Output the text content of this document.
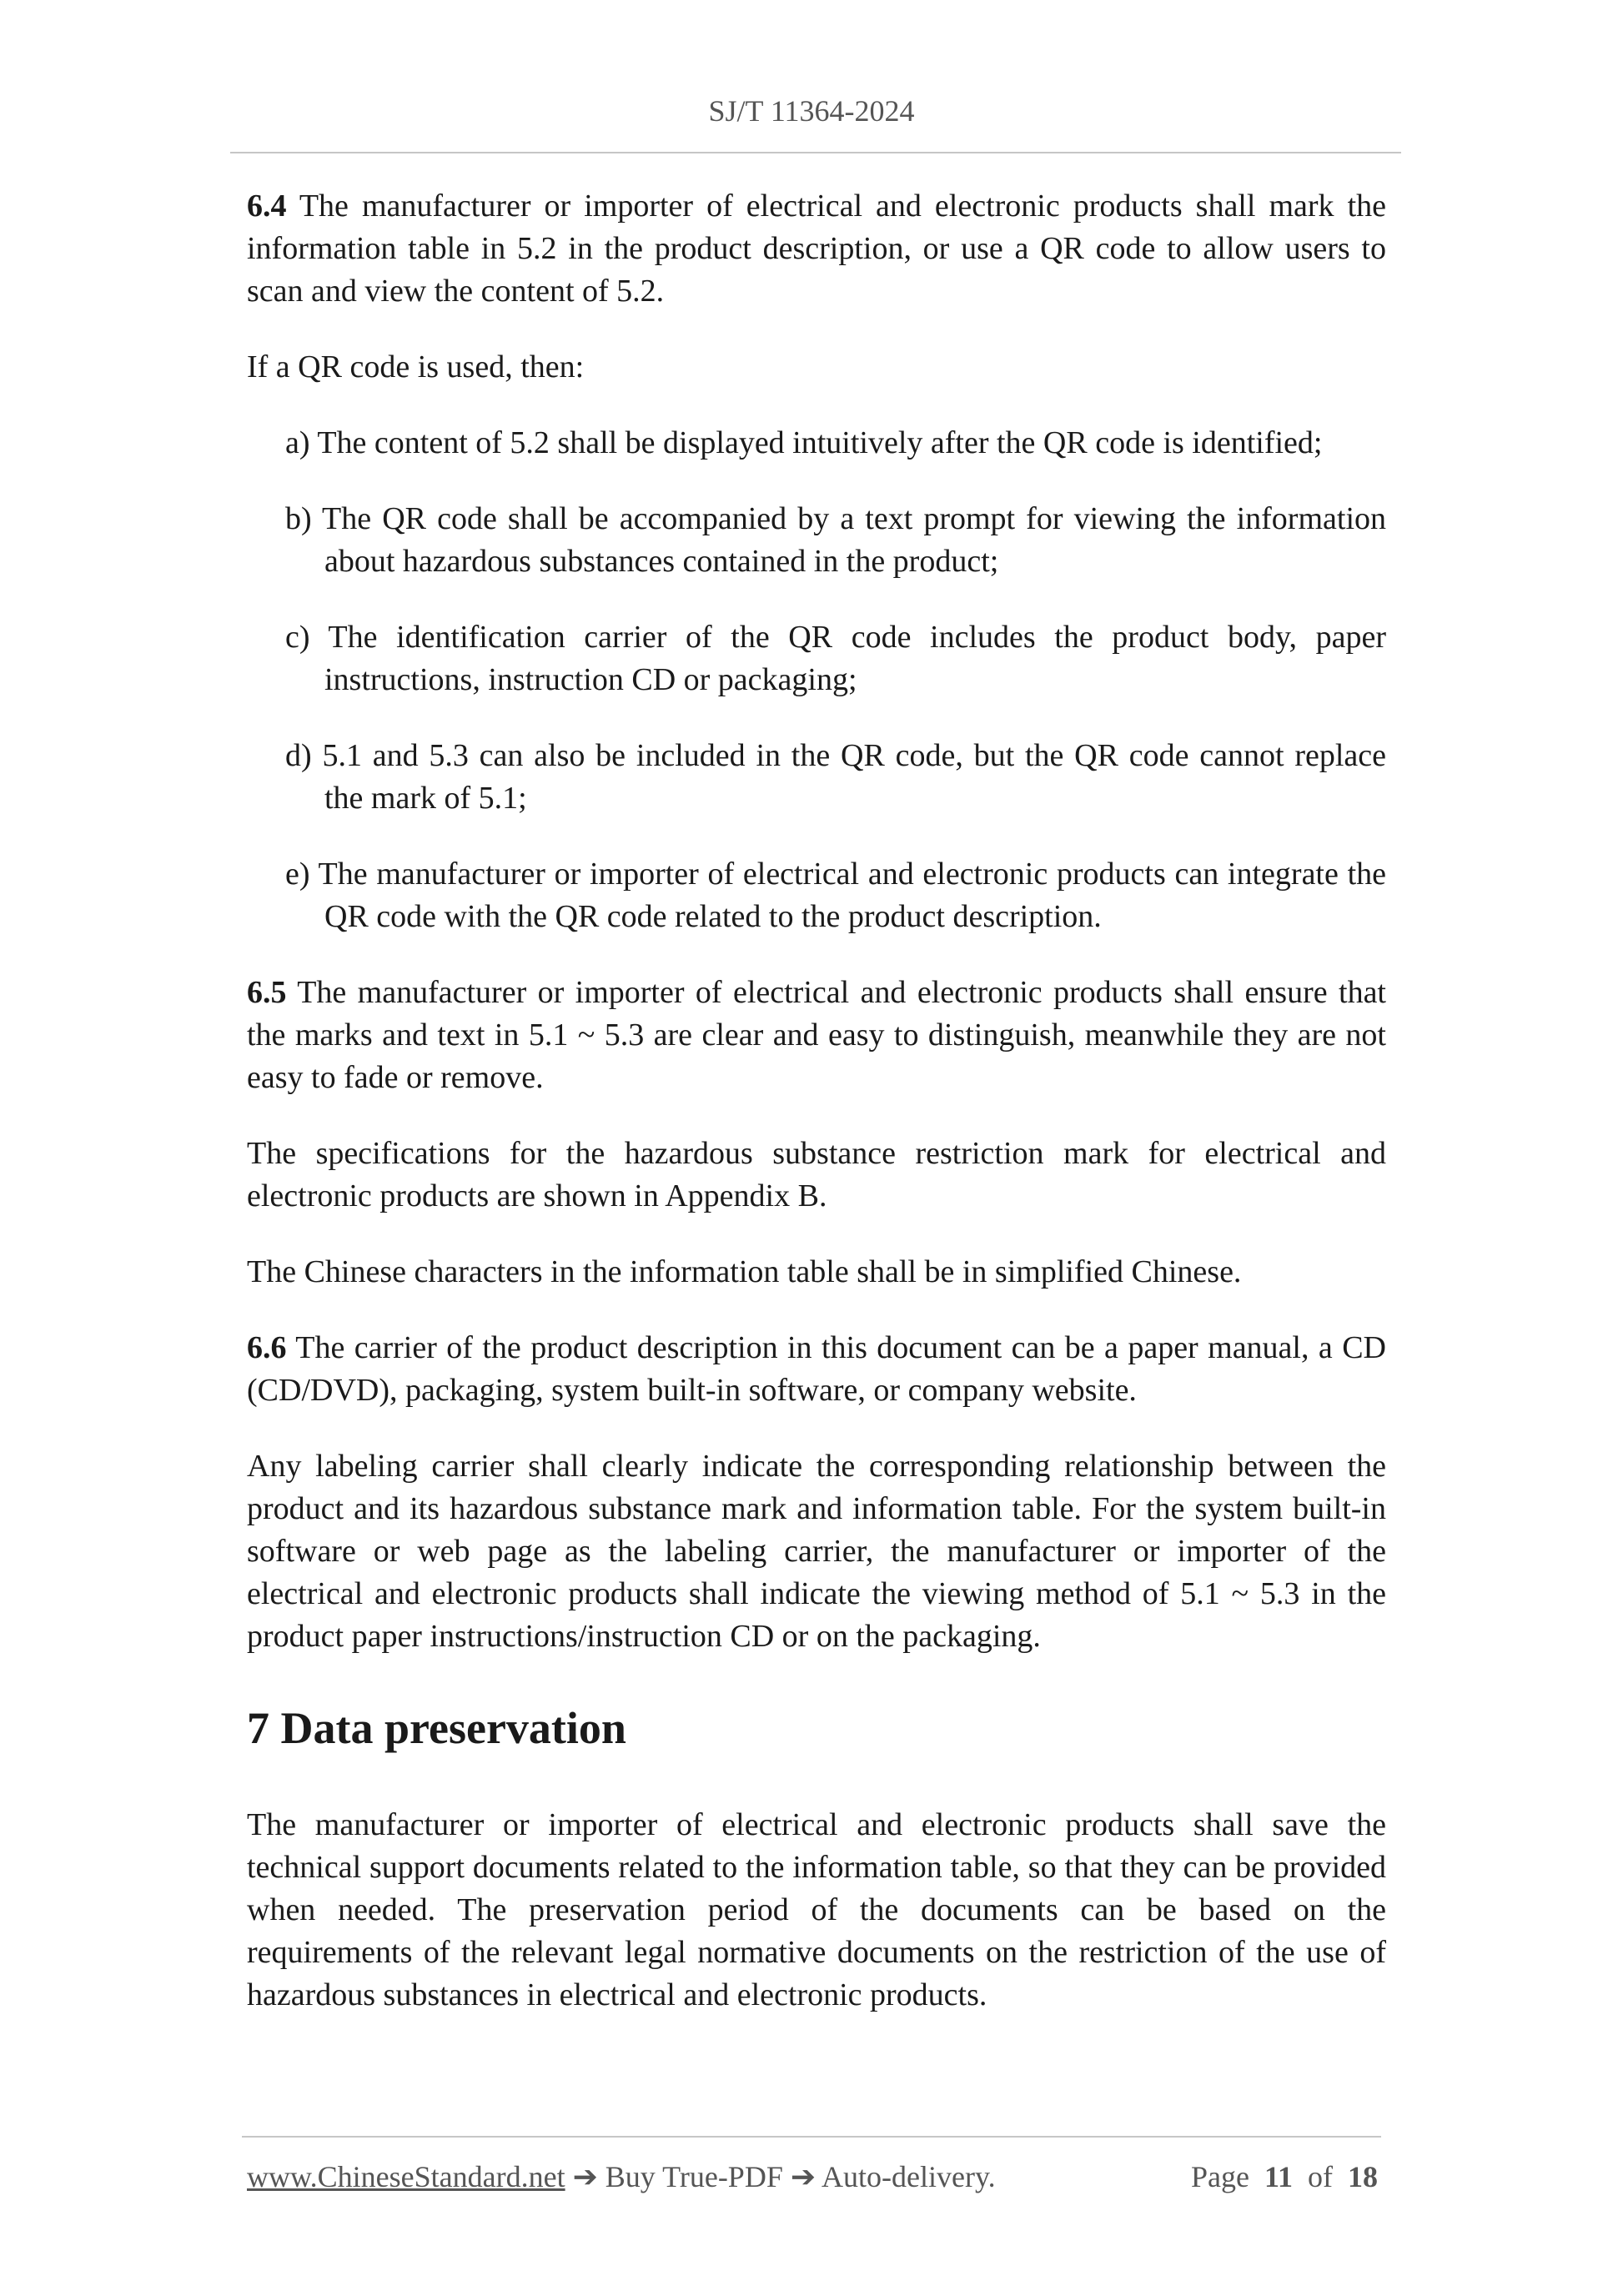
SJ/T 11364-2024

6.4 The manufacturer or importer of electrical and electronic products shall mark the information table in 5.2 in the product description, or use a QR code to allow users to scan and view the content of 5.2.

If a QR code is used, then:

a) The content of 5.2 shall be displayed intuitively after the QR code is identified;

b) The QR code shall be accompanied by a text prompt for viewing the information about hazardous substances contained in the product;

c) The identification carrier of the QR code includes the product body, paper instructions, instruction CD or packaging;

d) 5.1 and 5.3 can also be included in the QR code, but the QR code cannot replace the mark of 5.1;

e) The manufacturer or importer of electrical and electronic products can integrate the QR code with the QR code related to the product description.

6.5 The manufacturer or importer of electrical and electronic products shall ensure that the marks and text in 5.1 ~ 5.3 are clear and easy to distinguish, meanwhile they are not easy to fade or remove.

The specifications for the hazardous substance restriction mark for electrical and electronic products are shown in Appendix B.

The Chinese characters in the information table shall be in simplified Chinese.

6.6 The carrier of the product description in this document can be a paper manual, a CD (CD/DVD), packaging, system built-in software, or company website.

Any labeling carrier shall clearly indicate the corresponding relationship between the product and its hazardous substance mark and information table. For the system built-in software or web page as the labeling carrier, the manufacturer or importer of the electrical and electronic products shall indicate the viewing method of 5.1 ~ 5.3 in the product paper instructions/instruction CD or on the packaging.

7 Data preservation

The manufacturer or importer of electrical and electronic products shall save the technical support documents related to the information table, so that they can be provided when needed. The preservation period of the documents can be based on the requirements of the relevant legal normative documents on the restriction of the use of hazardous substances in electrical and electronic products.

www.ChineseStandard.net ➔ Buy True-PDF ➔ Auto-delivery.	Page 11 of 18
